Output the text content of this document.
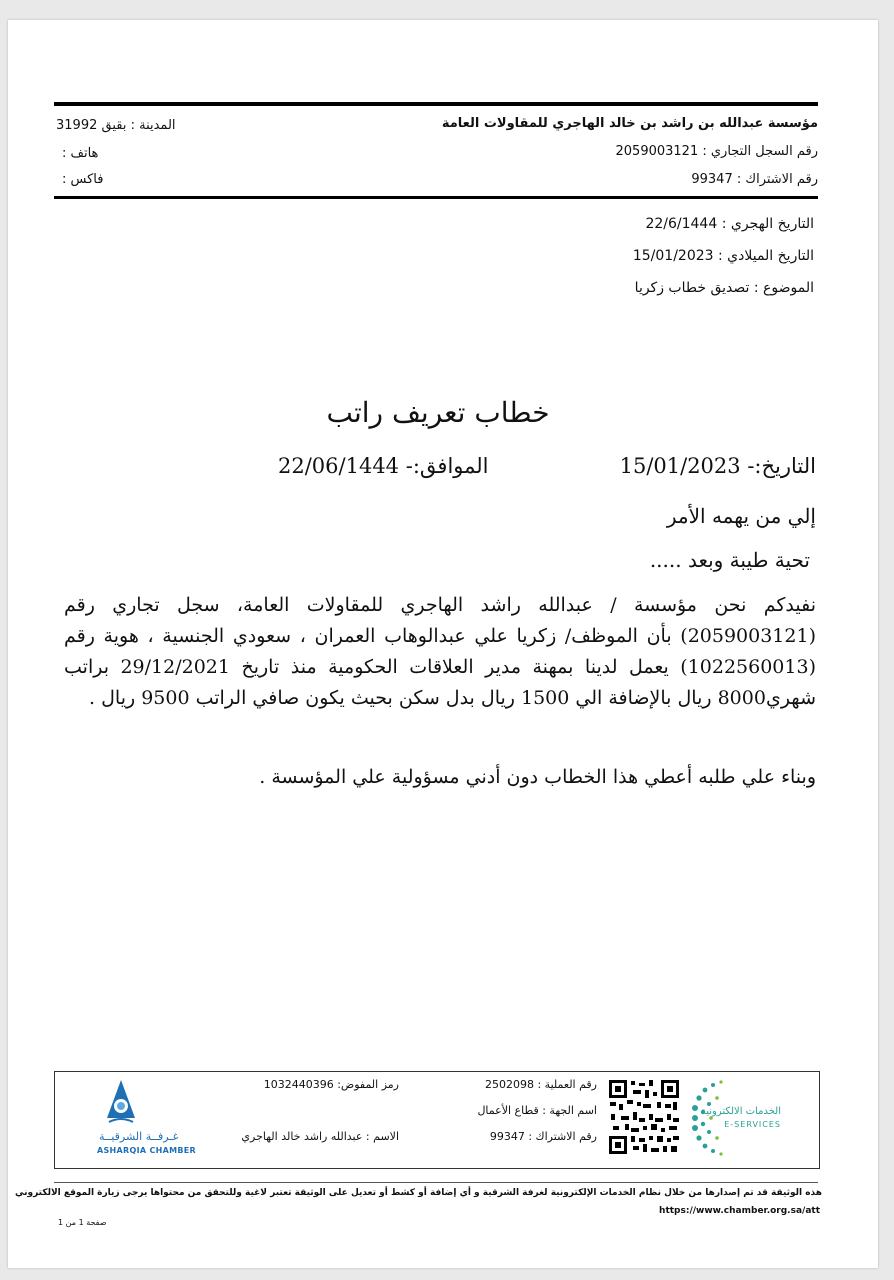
مؤسسة عبدالله بن راشد بن خالد الهاجري للمقاولات العامة
رقم السجل التجاري : 2059003121
رقم الاشتراك : 99347
المدينة : بقيق 31992
هاتف :
فاكس :
التاريخ الهجري : 22/6/1444
التاريخ الميلادي : 15/01/2023
الموضوع : تصديق خطاب زكريا
خطاب تعريف راتب
التاريخ:- 15/01/2023
الموافق:- 22/06/1444
إلي من يهمه الأمر
تحية طيبة وبعد .....
نفيدكم نحن مؤسسة / عبدالله راشد الهاجري للمقاولات العامة، سجل تجاري رقم (2059003121) بأن الموظف/ زكريا علي عبدالوهاب العمران ، سعودي الجنسية ، هوية رقم (1022560013) يعمل لدينا بمهنة مدير العلاقات الحكومية منذ تاريخ 29/12/2021 براتب شهري8000 ريال بالإضافة الي 1500 ريال بدل سكن بحيث يكون صافي الراتب 9500 ريال .
وبناء علي طلبه أعطي هذا الخطاب دون أدني مسؤولية علي المؤسسة .
الخدمات الالكترونية
E-SERVICES
رقم العملية : 2502098
اسم الجهة : قطاع الأعمال
رقم الاشتراك : 99347
رمز المفوض: 1032440396
الاسم : عبدالله راشد خالد الهاجري
غـرفــة الشرقيــة
ASHARQIA CHAMBER
هذه الوثيقة قد تم إصدارها من خلال نظام الخدمات الإلكترونية لغرفة الشرقية و أي إضافة أو كشط أو تعديل على الوثيقة تعتبر لاغية وللتحقق من محتواها يرجى زيارة الموقع الالكتروني
https://www.chamber.org.sa/att
صفحة 1 من 1
